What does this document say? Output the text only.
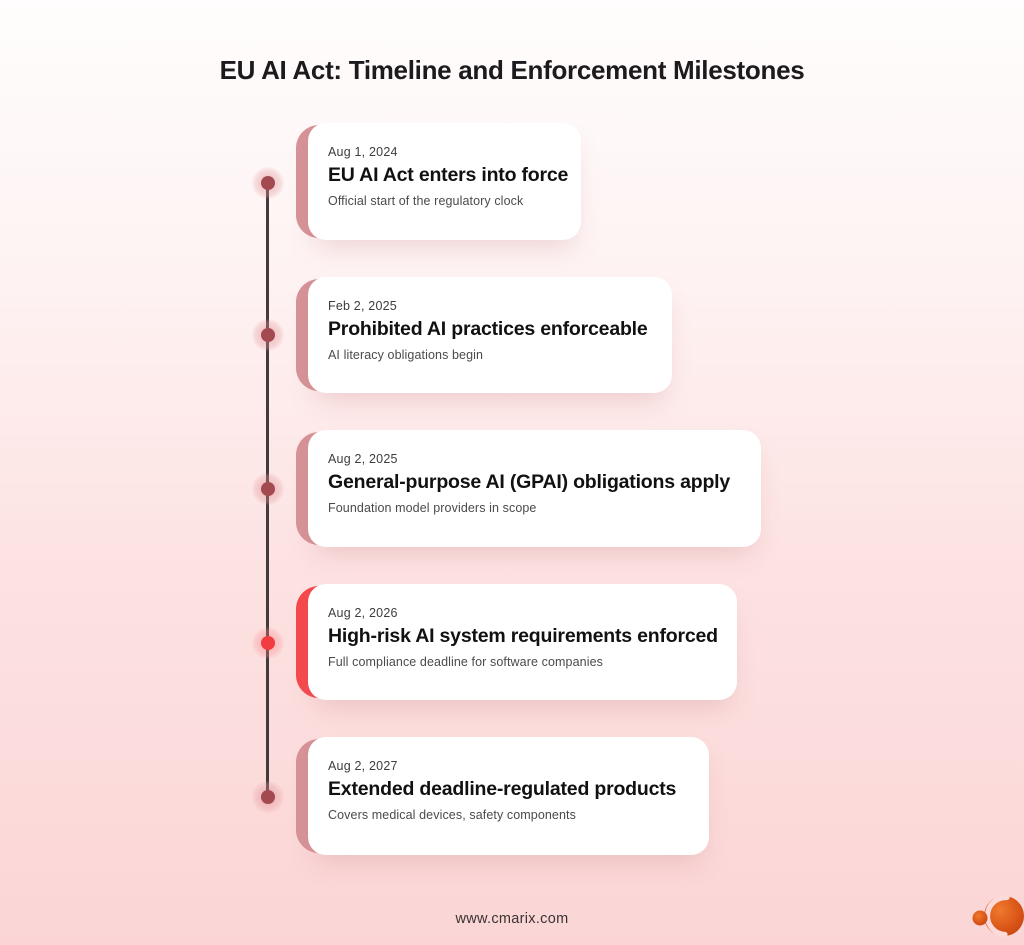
EU AI Act: Timeline and Enforcement Milestones
Aug 1, 2024
EU AI Act enters into force
Official start of the regulatory clock
Feb 2, 2025
Prohibited AI practices enforceable
AI literacy obligations begin
Aug 2, 2025
General-purpose AI (GPAI) obligations apply
Foundation model providers in scope
Aug 2, 2026
High-risk AI system requirements enforced
Full compliance deadline for software companies
Aug 2, 2027
Extended deadline-regulated products
Covers medical devices, safety components
www.cmarix.com
